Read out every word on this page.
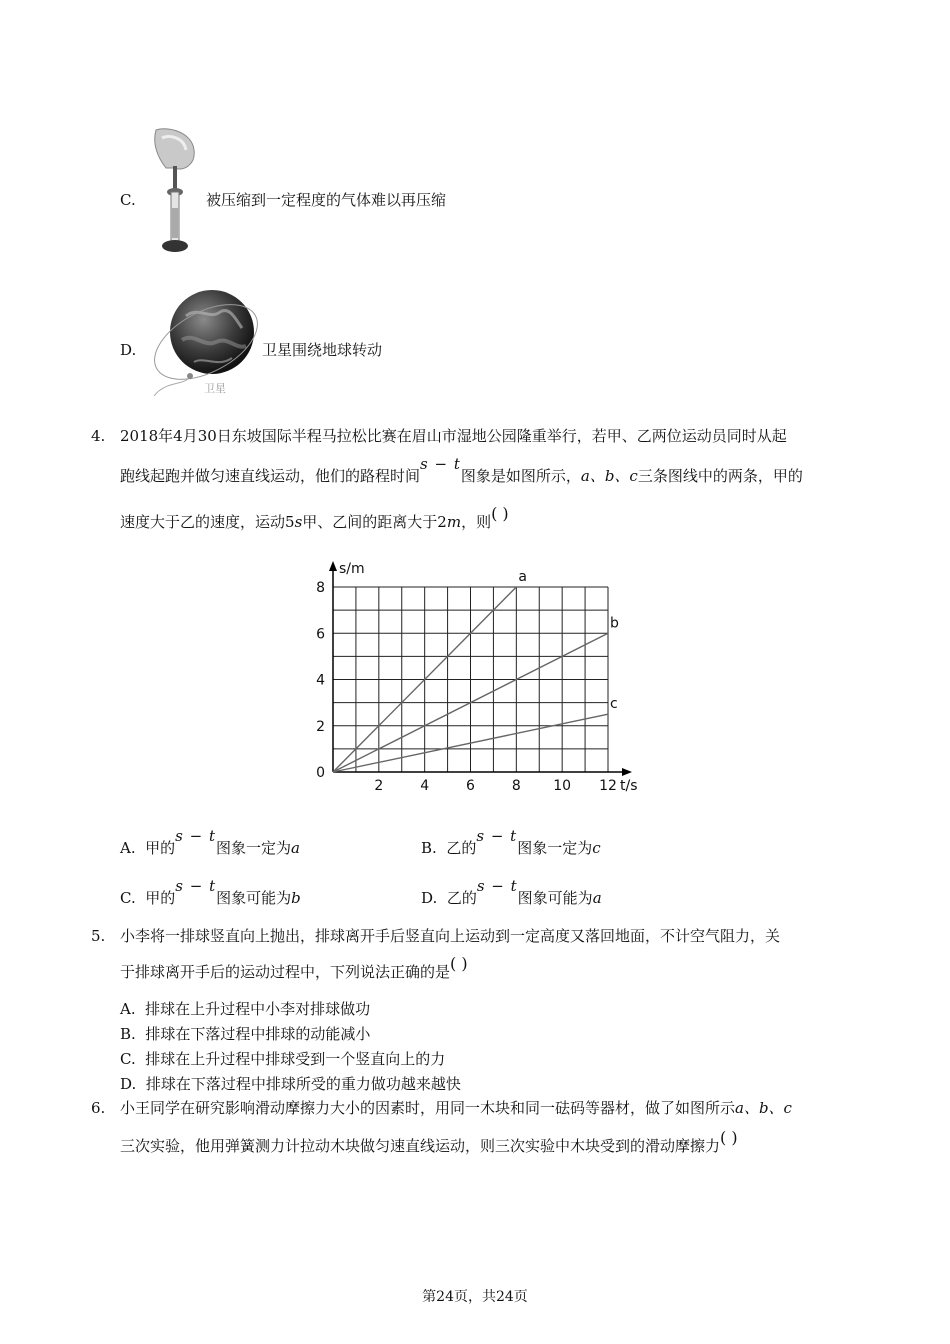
C.	被压缩到一定程度的气体难以再压缩
卫星
D.	卫星围绕地球转动
4. 2018年4月30日东坡国际半程马拉松比赛在眉山市湿地公园隆重举行，若甲、乙两位运动员同时从起
跑线起跑并做匀速直线运动，他们的路程时间s − t图象是如图所示，a、b、c三条图线中的两条，甲的
速度大于乙的速度，运动5s甲、乙间的距离大于2m，则( )
2	4	6	8 10 12
0
2
4
6
8
a
b
c
t/s
s/m
A. 甲的s − t图象一定为a	B. 乙的s − t图象一定为c
C. 甲的s − t图象可能为b	D. 乙的s − t图象可能为a
5. 小李将一排球竖直向上抛出，排球离开手后竖直向上运动到一定高度又落回地面，不计空气阻力，关
于排球离开手后的运动过程中，下列说法正确的是( )
A. 排球在上升过程中小李对排球做功
B. 排球在下落过程中排球的动能减小
C. 排球在上升过程中排球受到一个竖直向上的力
D. 排球在下落过程中排球所受的重力做功越来越快
6. 小王同学在研究影响滑动摩擦力大小的因素时，用同一木块和同一砝码等器材，做了如图所示a、b、c
三次实验，他用弹簧测力计拉动木块做匀速直线运动，则三次实验中木块受到的滑动摩擦力( )
第24页，共24页
